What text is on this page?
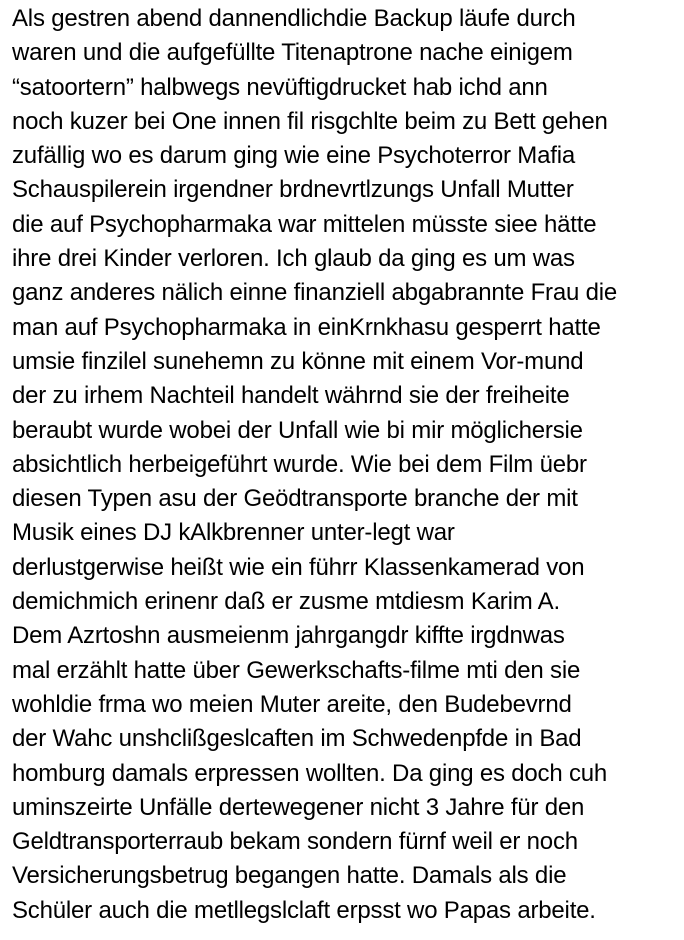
Als gestren abend dannendlichdie Backup läufe durch
waren und die aufgefüllte Titenaptrone nache einigem
“satoortern” halbwegs nevüftigdrucket hab ichd ann
noch kuzer bei One innen fil risgchlte beim zu Bett gehen
zufällig wo es darum ging wie eine Psychoterror Mafia
Schauspilerein irgendner brdnevrtlzungs Unfall Mutter
die auf Psychopharmaka war mittelen müsste siee hätte
ihre drei Kinder verloren. Ich glaub da ging es um was
ganz anderes nälich einne finanziell abgabrannte Frau die
man auf Psychopharmaka in einKrnkhasu gesperrt hatte
umsie finzilel sunehemn zu könne mit einem Vor-mund
der zu irhem Nachteil handelt währnd sie der freiheite
beraubt wurde wobei der Unfall wie bi mir möglichersie
absichtlich herbeigeführt wurde. Wie bei dem Film üebr
diesen Typen asu der Geödtransporte branche der mit
Musik eines DJ kAlkbrenner unter-legt war
derlustgerwise heißt wie ein führr Klassenkamerad von
demichmich erinenr daß er zusme mtdiesm Karim A.
Dem Azrtoshn ausmeienm jahrgangdr kiffte irgdnwas
mal erzählt hatte über Gewerkschafts-filme mti den sie
wohldie frma wo meien Muter areite, den Budebevrnd
der Wahc unshclißgeslcaften im Schwedenpfde in Bad
homburg damals erpressen wollten. Da ging es doch cuh
uminszeirte Unfälle dertewegener nicht 3 Jahre für den
Geldtransporterraub bekam sondern fürnf weil er noch
Versicherungsbetrug begangen hatte. Damals als die
Schüler auch die metllegslclaft erpsst wo Papas arbeite.
